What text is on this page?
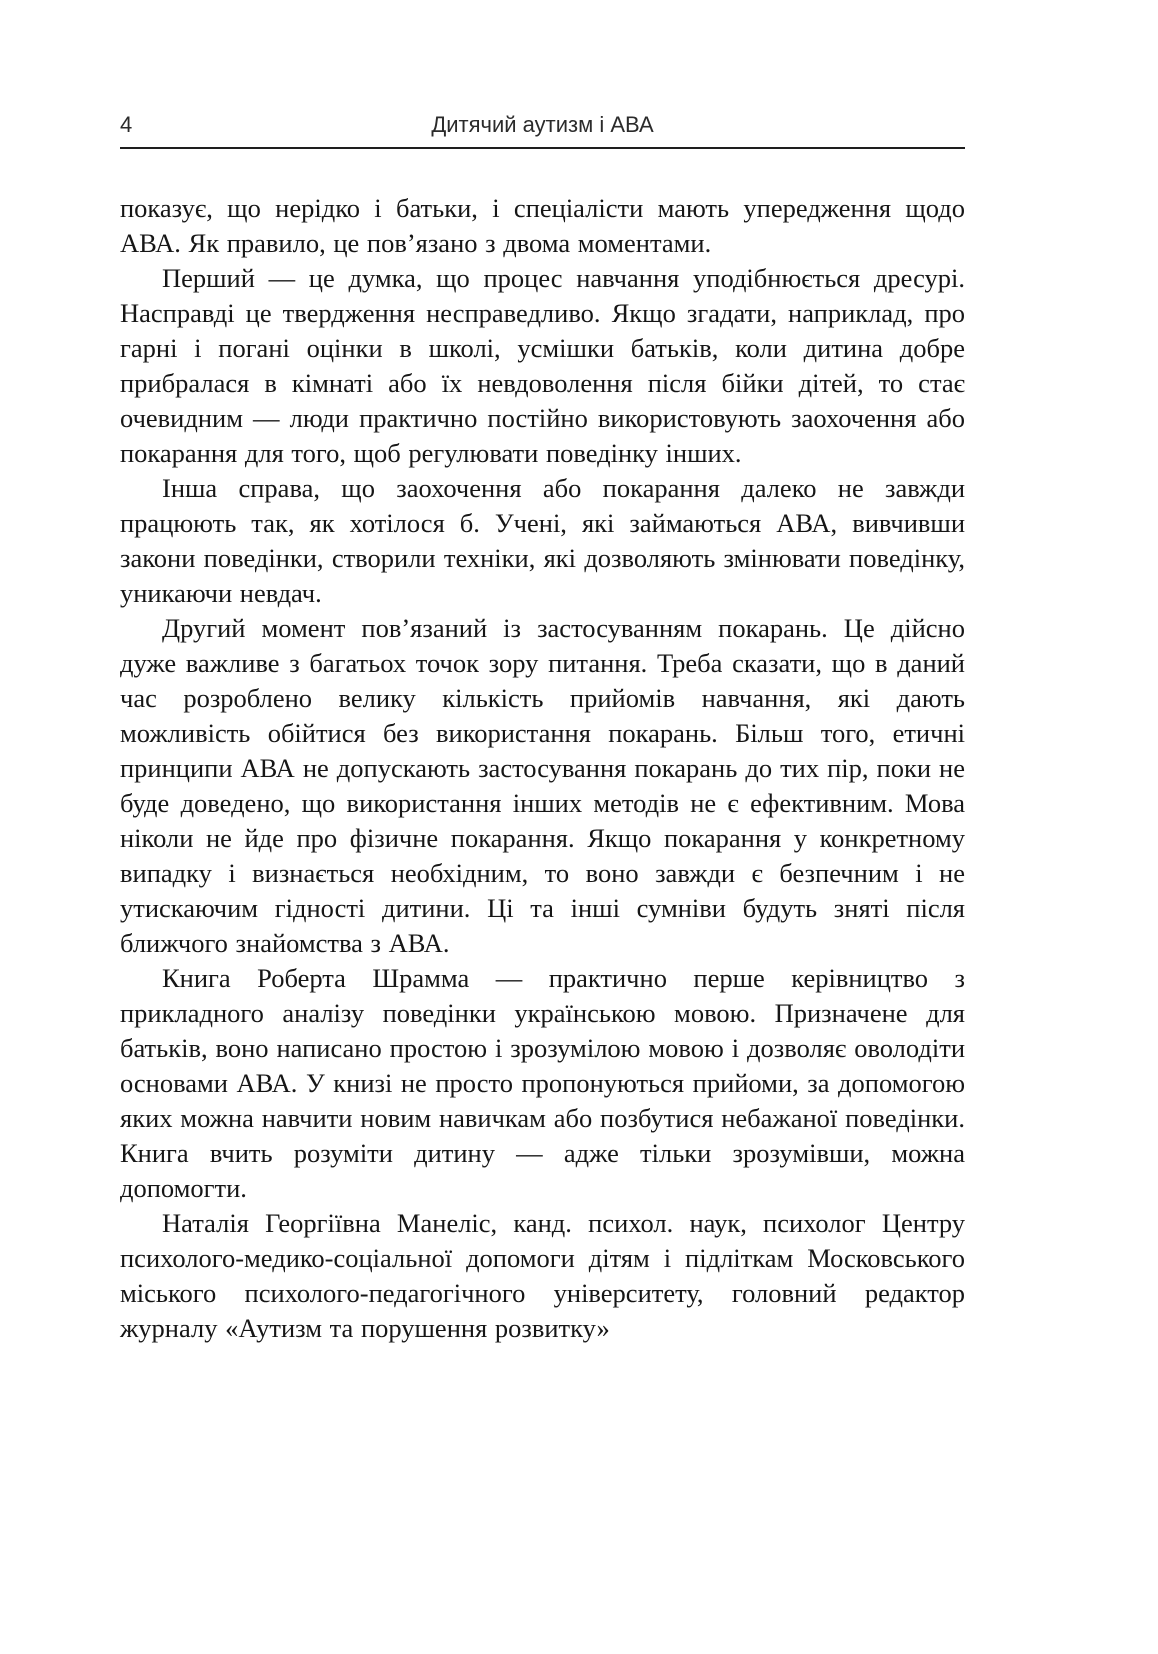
4	Дитячий аутизм і АВА

показує, що нерідко і батьки, і спеціалісти мають упередження щодо АВА. Як правило, це пов’язано з двома моментами.

Перший — це думка, що процес навчання уподібнюється дресурі. Насправді це твердження несправедливо. Якщо згадати, наприклад, про гарні і погані оцінки в школі, усмішки батьків, коли дитина добре прибралася в кімнаті або їх невдоволення після бійки дітей, то стає очевидним — люди практично постійно використовують заохочення або покарання для того, щоб регулювати поведінку інших.

Інша справа, що заохочення або покарання далеко не завжди працюють так, як хотілося б. Учені, які займаються АВА, вивчивши закони поведінки, створили техніки, які дозволяють змінювати поведінку, уникаючи невдач.

Другий момент пов’язаний із застосуванням покарань. Це дійсно дуже важливе з багатьох точок зору питання. Треба сказати, що в даний час розроблено велику кількість прийомів навчання, які дають можливість обійтися без використання покарань. Більш того, етичні принципи АВА не допускають застосування покарань до тих пір, поки не буде доведено, що використання інших методів не є ефективним. Мова ніколи не йде про фізичне покарання. Якщо покарання у конкретному випадку і визнається необхідним, то воно завжди є безпечним і не утискаючим гідності дитини. Ці та інші сумніви будуть зняті після ближчого знайомства з АВА.

Книга Роберта Шрамма — практично перше керівництво з прикладного аналізу поведінки українською мовою. Призначене для батьків, воно написано простою і зрозумілою мовою і дозволяє оволодіти основами АВА. У книзі не просто пропонуються прийоми, за допомогою яких можна навчити новим навичкам або позбутися небажаної поведінки. Книга вчить розуміти дитину — адже тільки зрозумівши, можна допомогти.

Наталія Георгіївна Манеліс, канд. психол. наук, психолог Центру психолого-медико-соціальної допомоги дітям і підліткам Московського міського психолого-педагогічного університету, головний редактор журналу «Аутизм та порушення розвитку»
